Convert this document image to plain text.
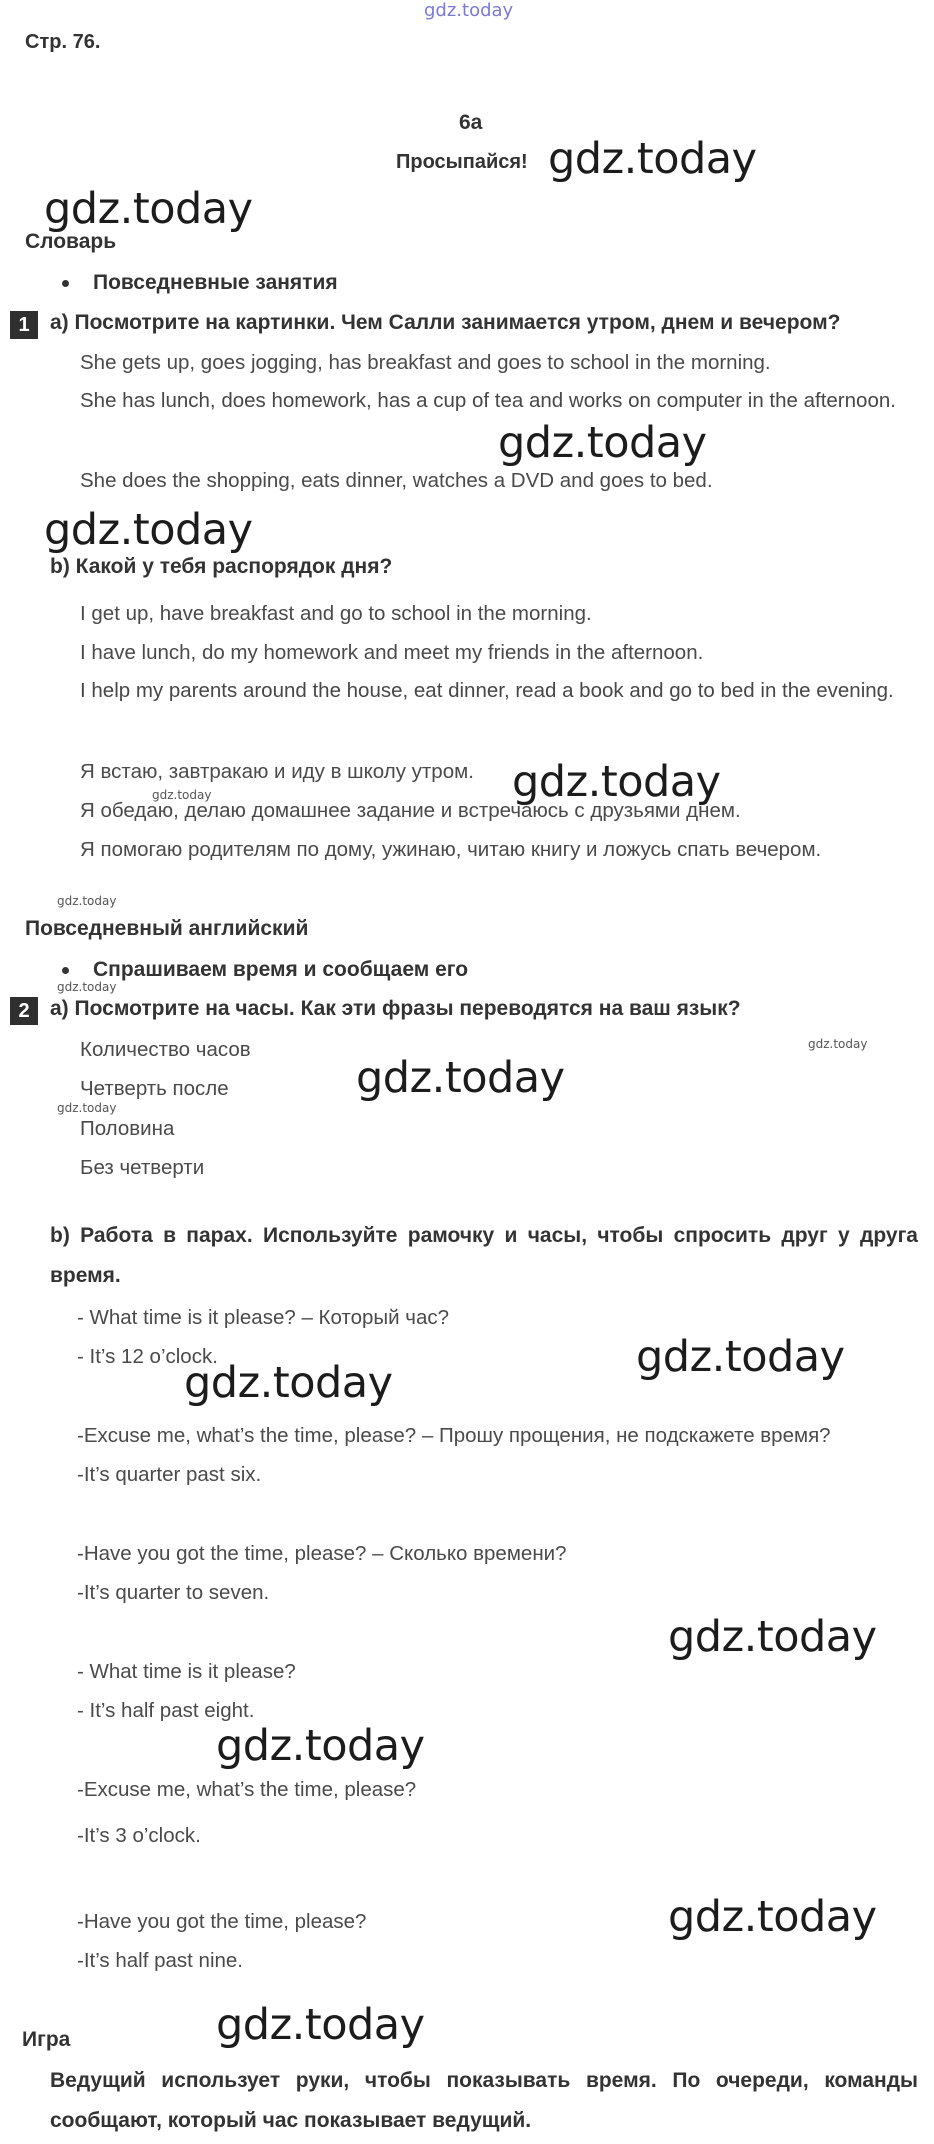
gdz.today
Стр. 76.
6a
Просыпайся! gdz.today
gdz.today
Словарь
Повседневные занятия
1 a) Посмотрите на картинки. Чем Салли занимается утром, днем и вечером?
She gets up, goes jogging, has breakfast and goes to school in the morning.
She has lunch, does homework, has a cup of tea and works on computer in the afternoon.
gdz.today
She does the shopping, eats dinner, watches a DVD and goes to bed.
gdz.today
b) Какой у тебя распорядок дня?
I get up, have breakfast and go to school in the morning.
I have lunch, do my homework and meet my friends in the afternoon.
I help my parents around the house, eat dinner, read a book and go to bed in the evening.
Я встаю, завтракаю и иду в школу утром. gdz.today
gdz.today
Я обедаю, делаю домашнее задание и встречаюсь с друзьями днем.
Я помогаю родителям по дому, ужинаю, читаю книгу и ложусь спать вечером.
gdz.today
Повседневный английский
Спрашиваем время и сообщаем его
gdz.today
2 a) Посмотрите на часы. Как эти фразы переводятся на ваш язык?
gdz.today
Количество часов
gdz.today
Четверть после
gdz.today
Половина
Без четверти
b) Работа в парах. Используйте рамочку и часы, чтобы спросить друг у друга время.
- What time is it please? – Который час?
- It’s 12 o’clock.	gdz.today
gdz.today
-Excuse me, what’s the time, please? – Прошу прощения, не подскажете время?
-It’s quarter past six.
-Have you got the time, please? – Сколько времени?
-It’s quarter to seven.
gdz.today
- What time is it please?
- It’s half past eight.
gdz.today
-Excuse me, what’s the time, please?
-It’s 3 o’clock.
-Have you got the time, please?	gdz.today
-It’s half past nine.
gdz.today
Игра
Ведущий использует руки, чтобы показывать время. По очереди, команды сообщают, который час показывает ведущий.
